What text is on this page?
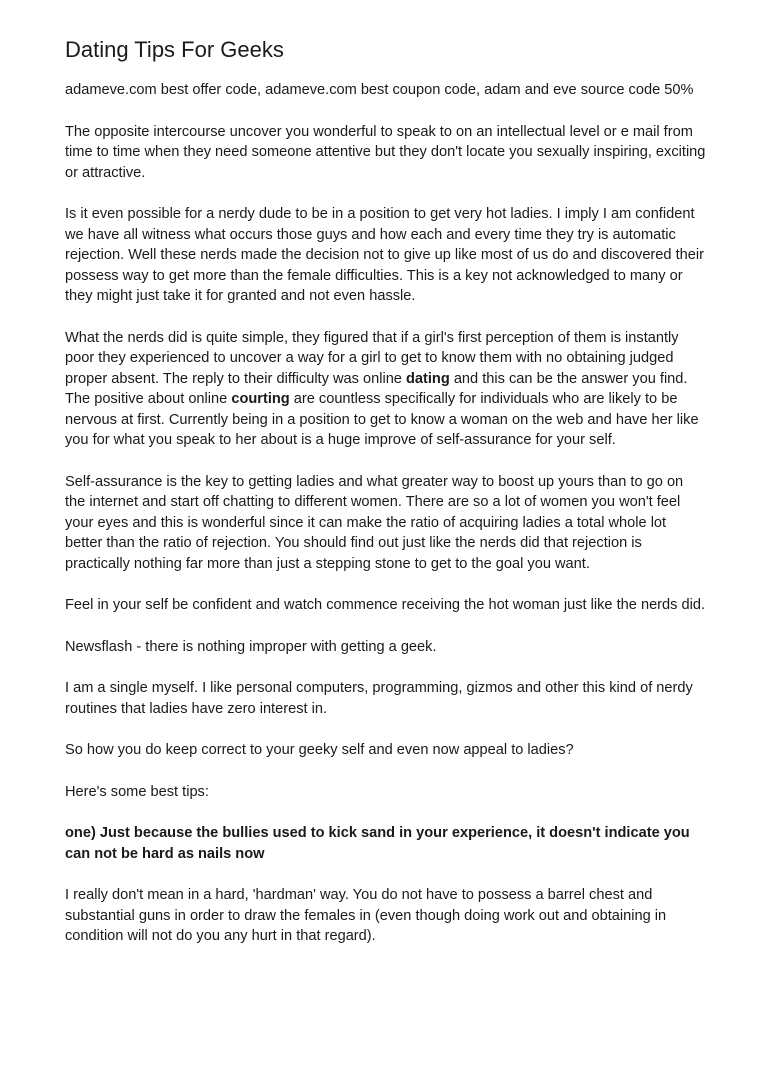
Dating Tips For Geeks

adameve.com best offer code, adameve.com best coupon code, adam and eve source code 50%

The opposite intercourse uncover you wonderful to speak to on an intellectual level or e mail from time to time when they need someone attentive but they don't locate you sexually inspiring, exciting or attractive.

Is it even possible for a nerdy dude to be in a position to get very hot ladies. I imply I am confident we have all witness what occurs those guys and how each and every time they try is automatic rejection. Well these nerds made the decision not to give up like most of us do and discovered their possess way to get more than the female difficulties. This is a key not acknowledged to many or they might just take it for granted and not even hassle.

What the nerds did is quite simple, they figured that if a girl's first perception of them is instantly poor they experienced to uncover a way for a girl to get to know them with no obtaining judged proper absent. The reply to their difficulty was online dating and this can be the answer you find. The positive about online courting are countless specifically for individuals who are likely to be nervous at first. Currently being in a position to get to know a woman on the web and have her like you for what you speak to her about is a huge improve of self-assurance for your self.

Self-assurance is the key to getting ladies and what greater way to boost up yours than to go on the internet and start off chatting to different women. There are so a lot of women you won't feel your eyes and this is wonderful since it can make the ratio of acquiring ladies a total whole lot better than the ratio of rejection. You should find out just like the nerds did that rejection is practically nothing far more than just a stepping stone to get to the goal you want.

Feel in your self be confident and watch commence receiving the hot woman just like the nerds did.

Newsflash - there is nothing improper with getting a geek.

I am a single myself. I like personal computers, programming, gizmos and other this kind of nerdy routines that ladies have zero interest in.

So how you do keep correct to your geeky self and even now appeal to ladies?

Here's some best tips:

one) Just because the bullies used to kick sand in your experience, it doesn't indicate you can not be hard as nails now

I really don't mean in a hard, 'hardman' way. You do not have to possess a barrel chest and substantial guns in order to draw the females in (even though doing work out and obtaining in condition will not do you any hurt in that regard).
